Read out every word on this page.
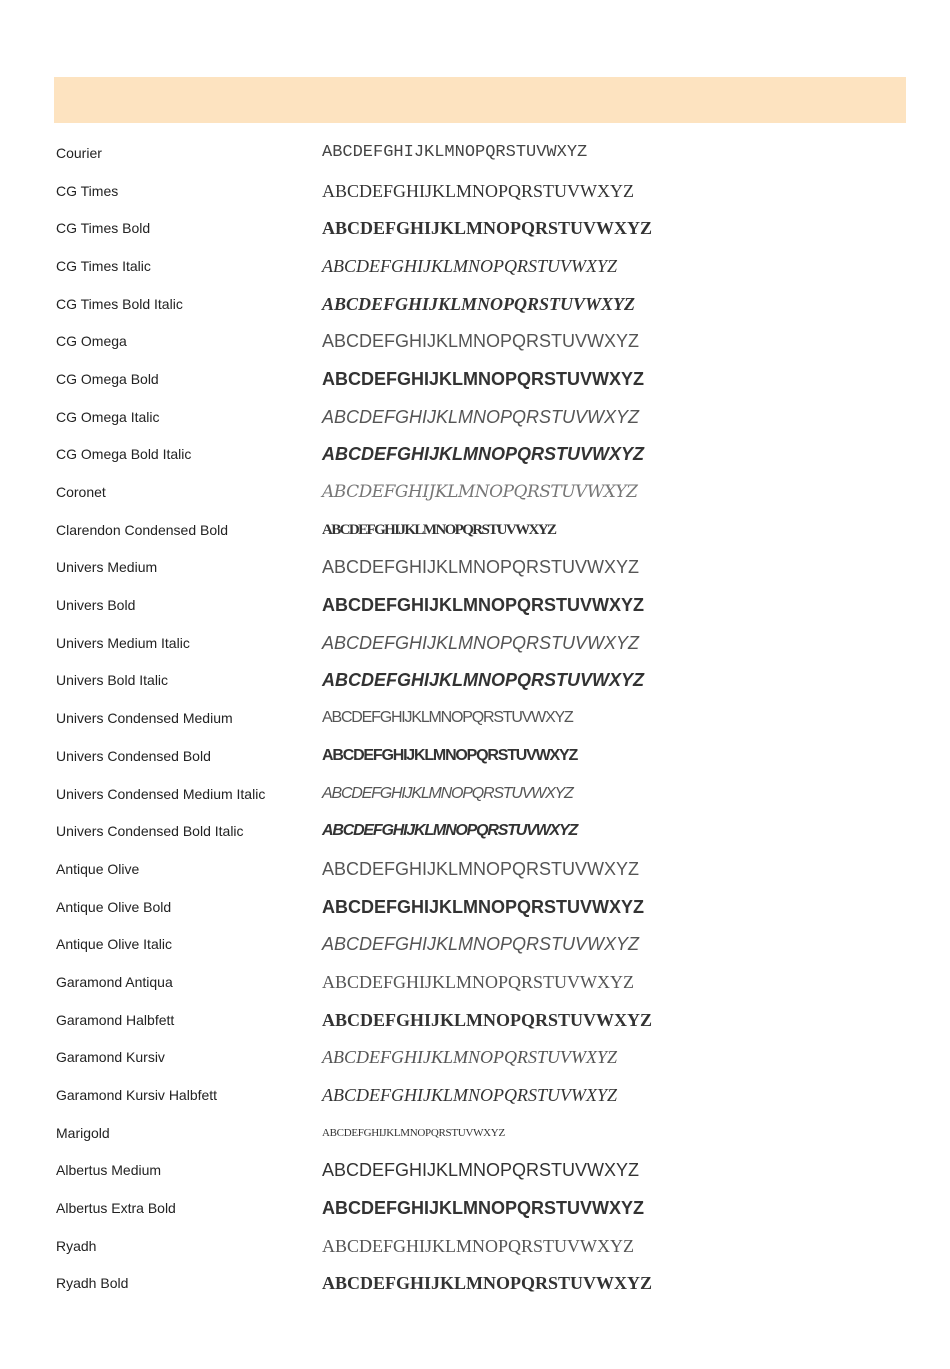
Courier	ABCDEFGHIJKLMNOPQRSTUVWXYZ
CG Times	ABCDEFGHIJKLMNOPQRSTUVWXYZ
CG Times Bold	ABCDEFGHIJKLMNOPQRSTUVWXYZ
CG Times Italic	ABCDEFGHIJKLMNOPQRSTUVWXYZ
CG Times Bold Italic	ABCDEFGHIJKLMNOPQRSTUVWXYZ
CG Omega	ABCDEFGHIJKLMNOPQRSTUVWXYZ
CG Omega Bold	ABCDEFGHIJKLMNOPQRSTUVWXYZ
CG Omega Italic	ABCDEFGHIJKLMNOPQRSTUVWXYZ
CG Omega Bold Italic	ABCDEFGHIJKLMNOPQRSTUVWXYZ
Coronet	ABCDEFGHIJKLMNOPQRSTUVWXYZ
Clarendon Condensed Bold	ABCDEFGHIJKLMNOPQRSTUVWXYZ
Univers Medium	ABCDEFGHIJKLMNOPQRSTUVWXYZ
Univers Bold	ABCDEFGHIJKLMNOPQRSTUVWXYZ
Univers Medium Italic	ABCDEFGHIJKLMNOPQRSTUVWXYZ
Univers Bold Italic	ABCDEFGHIJKLMNOPQRSTUVWXYZ
Univers Condensed Medium	ABCDEFGHIJKLMNOPQRSTUVWXYZ
Univers Condensed Bold	ABCDEFGHIJKLMNOPQRSTUVWXYZ
Univers Condensed Medium Italic	ABCDEFGHIJKLMNOPQRSTUVWXYZ
Univers Condensed Bold Italic	ABCDEFGHIJKLMNOPQRSTUVWXYZ
Antique Olive	ABCDEFGHIJKLMNOPQRSTUVWXYZ
Antique Olive Bold	ABCDEFGHIJKLMNOPQRSTUVWXYZ
Antique Olive Italic	ABCDEFGHIJKLMNOPQRSTUVWXYZ
Garamond Antiqua	ABCDEFGHIJKLMNOPQRSTUVWXYZ
Garamond Halbfett	ABCDEFGHIJKLMNOPQRSTUVWXYZ
Garamond Kursiv	ABCDEFGHIJKLMNOPQRSTUVWXYZ
Garamond Kursiv Halbfett	ABCDEFGHIJKLMNOPQRSTUVWXYZ
Marigold	ABCDEFGHIJKLMNOPQRSTUVWXYZ
Albertus Medium	ABCDEFGHIJKLMNOPQRSTUVWXYZ
Albertus Extra Bold	ABCDEFGHIJKLMNOPQRSTUVWXYZ
Ryadh	ABCDEFGHIJKLMNOPQRSTUVWXYZ
Ryadh Bold	ABCDEFGHIJKLMNOPQRSTUVWXYZ
